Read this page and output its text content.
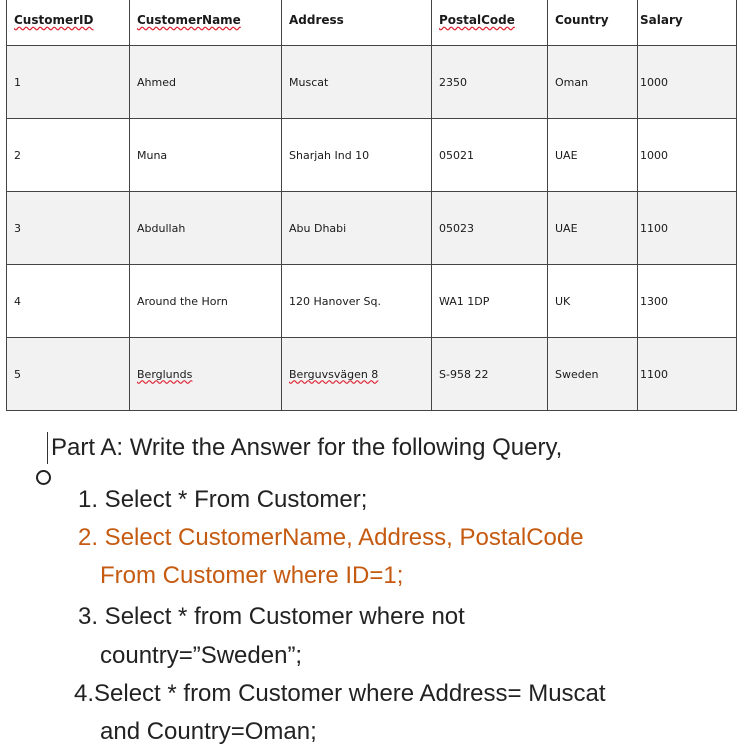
CustomerID	CustomerName	Address	PostalCode	Country	Salary
1	Ahmed	Muscat	2350	Oman	1000
2	Muna	Sharjah Ind 10	05021	UAE	1000
3	Abdullah	Abu Dhabi	05023	UAE	1100
4	Around the Horn	120 Hanover Sq.	WA1 1DP	UK	1300
5	Berglunds	Berguvsvägen 8	S-958 22	Sweden	1100
Part A: Write the Answer for the following Query,
1. Select * From Customer;
2. Select CustomerName, Address, PostalCode
From Customer where ID=1;
3. Select * from Customer where not
country=”Sweden”;
4.Select * from Customer where Address= Muscat
and Country=Oman;
